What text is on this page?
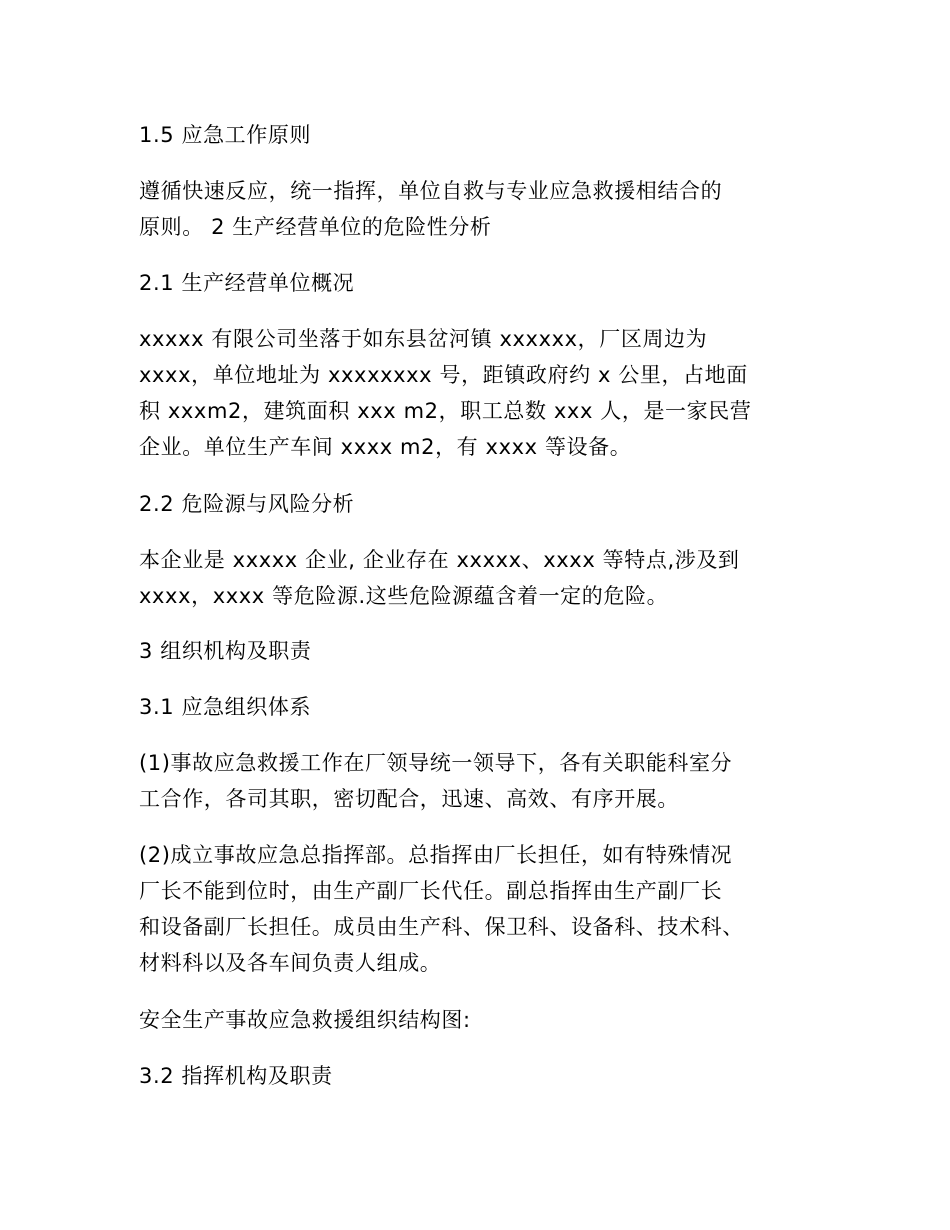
1.5 应急工作原则

遵循快速反应，统一指挥，单位自救与专业应急救援相结合的
原则。 2 生产经营单位的危险性分析

2.1 生产经营单位概况

xxxxx 有限公司坐落于如东县岔河镇 xxxxxx，厂区周边为
xxxx，单位地址为 xxxxxxxx 号，距镇政府约 x 公里，占地面
积 xxxm2，建筑面积 xxx m2，职工总数 xxx 人，是一家民营
企业。单位生产车间 xxxx m2，有 xxxx 等设备。

2.2 危险源与风险分析

本企业是 xxxxx 企业, 企业存在 xxxxx、xxxx 等特点,涉及到
xxxx，xxxx 等危险源.这些危险源蕴含着一定的危险。

3 组织机构及职责

3.1 应急组织体系

(1)事故应急救援工作在厂领导统一领导下，各有关职能科室分
工合作，各司其职，密切配合，迅速、高效、有序开展。

(2)成立事故应急总指挥部。总指挥由厂长担任，如有特殊情况
厂长不能到位时，由生产副厂长代任。副总指挥由生产副厂长
和设备副厂长担任。成员由生产科、保卫科、设备科、技术科、
材料科以及各车间负责人组成。

安全生产事故应急救援组织结构图:

3.2 指挥机构及职责
